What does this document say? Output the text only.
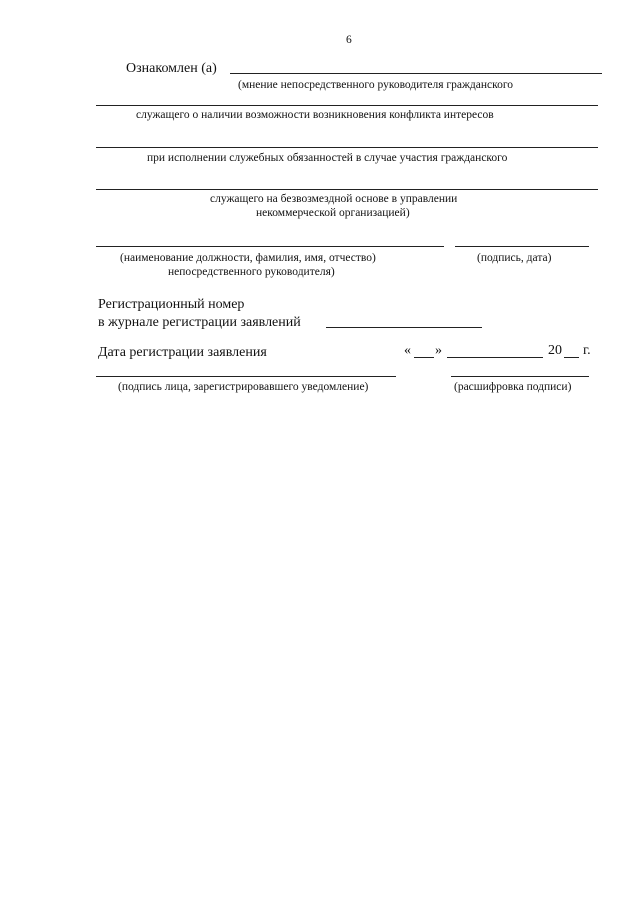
6
Ознакомлен (а)
(мнение непосредственного руководителя гражданского
служащего о наличии возможности возникновения конфликта интересов
при исполнении служебных обязанностей в случае участия гражданского
служащего на безвозмездной основе в управлении
некоммерческой организацией)
(наименование должности, фамилия, имя, отчество)
непосредственного руководителя)
(подпись, дата)
Регистрационный номер
в журнале регистрации заявлений
Дата регистрации заявления	« »	20 г.
(подпись лица, зарегистрировавшего уведомление)	(расшифровка подписи)
